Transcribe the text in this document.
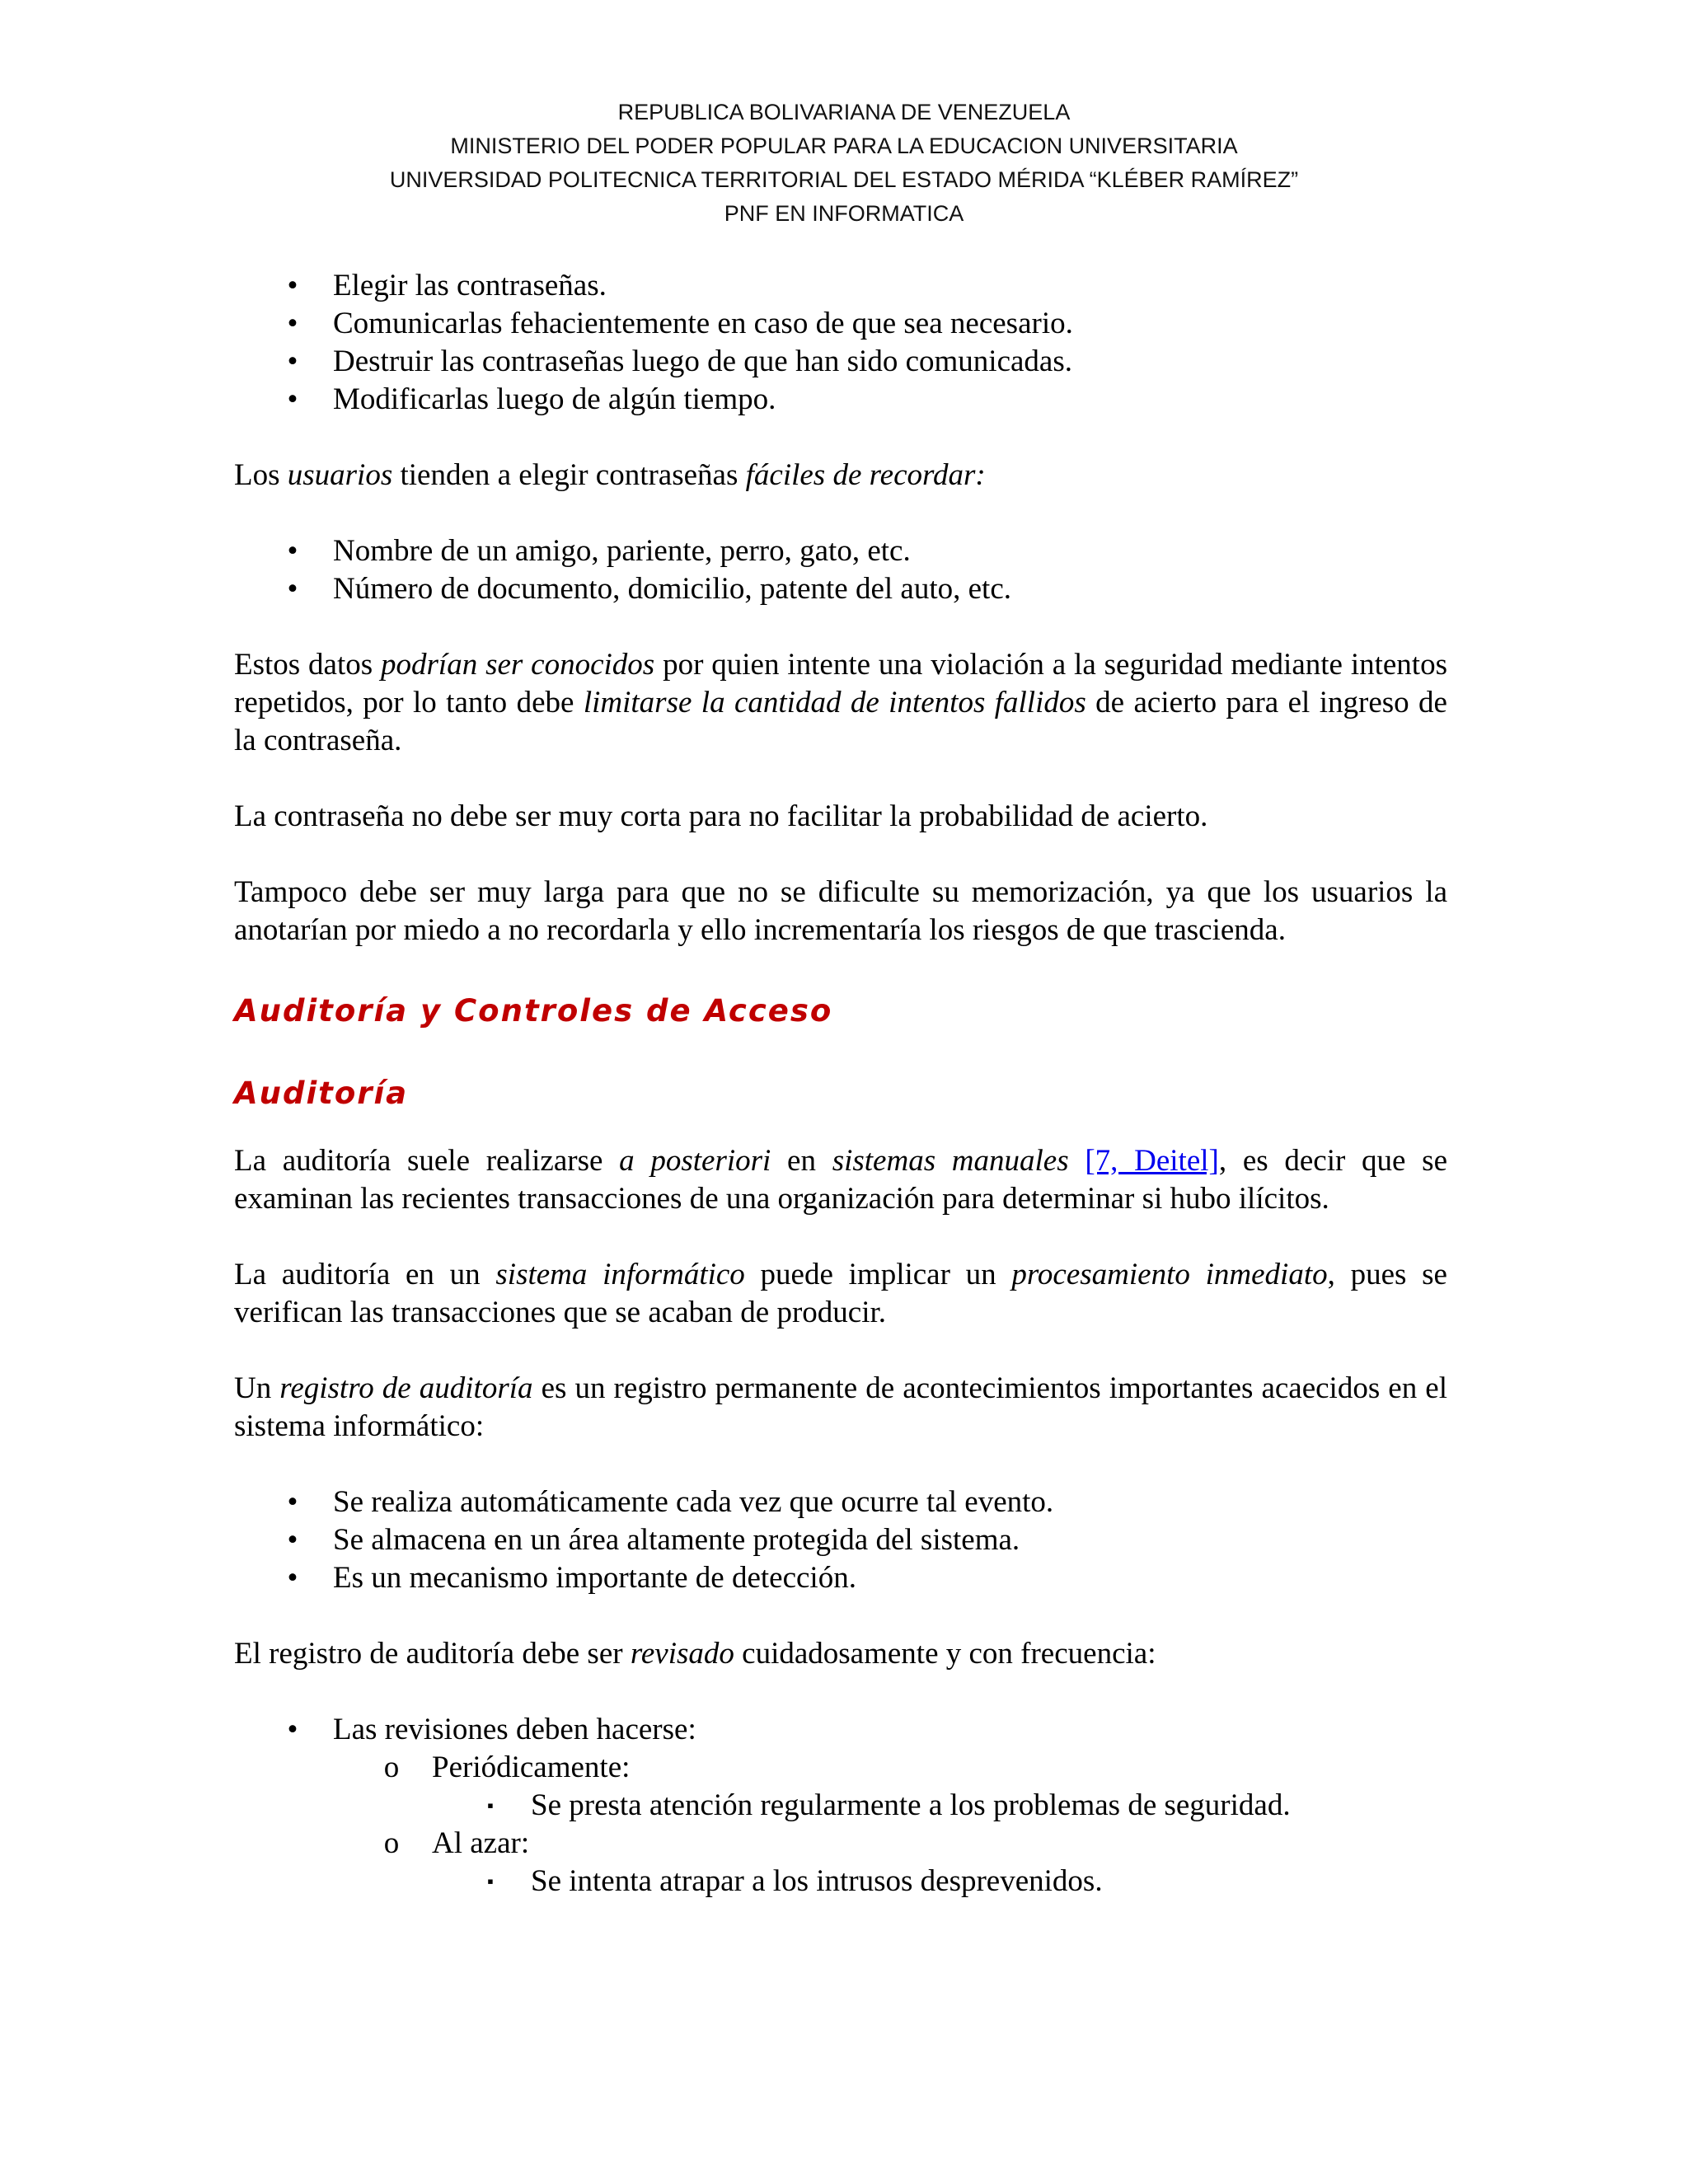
REPUBLICA BOLIVARIANA DE VENEZUELA
MINISTERIO DEL PODER POPULAR PARA LA EDUCACION UNIVERSITARIA
UNIVERSIDAD POLITECNICA TERRITORIAL DEL ESTADO MÉRIDA “KLÉBER RAMÍREZ”
PNF EN INFORMATICA
• Elegir las contraseñas.
• Comunicarlas fehacientemente en caso de que sea necesario.
• Destruir las contraseñas luego de que han sido comunicadas.
• Modificarlas luego de algún tiempo.

Los usuarios tienden a elegir contraseñas fáciles de recordar:

• Nombre de un amigo, pariente, perro, gato, etc.
• Número de documento, domicilio, patente del auto, etc.

Estos datos podrían ser conocidos por quien intente una violación a la seguridad mediante intentos repetidos, por lo tanto debe limitarse la cantidad de intentos fallidos de acierto para el ingreso de la contraseña.

La contraseña no debe ser muy corta para no facilitar la probabilidad de acierto.

Tampoco debe ser muy larga para que no se dificulte su memorización, ya que los usuarios la anotarían por miedo a no recordarla y ello incrementaría los riesgos de que trascienda.

Auditoría y Controles de Acceso
Auditoría

La auditoría suele realizarse a posteriori en sistemas manuales [7, Deitel], es decir que se examinan las recientes transacciones de una organización para determinar si hubo ilícitos.

La auditoría en un sistema informático puede implicar un procesamiento inmediato, pues se verifican las transacciones que se acaban de producir.

Un registro de auditoría es un registro permanente de acontecimientos importantes acaecidos en el sistema informático:

• Se realiza automáticamente cada vez que ocurre tal evento.
• Se almacena en un área altamente protegida del sistema.
• Es un mecanismo importante de detección.

El registro de auditoría debe ser revisado cuidadosamente y con frecuencia:

• Las revisiones deben hacerse:
o Periódicamente:
▪ Se presta atención regularmente a los problemas de seguridad.
o Al azar:
▪ Se intenta atrapar a los intrusos desprevenidos.
